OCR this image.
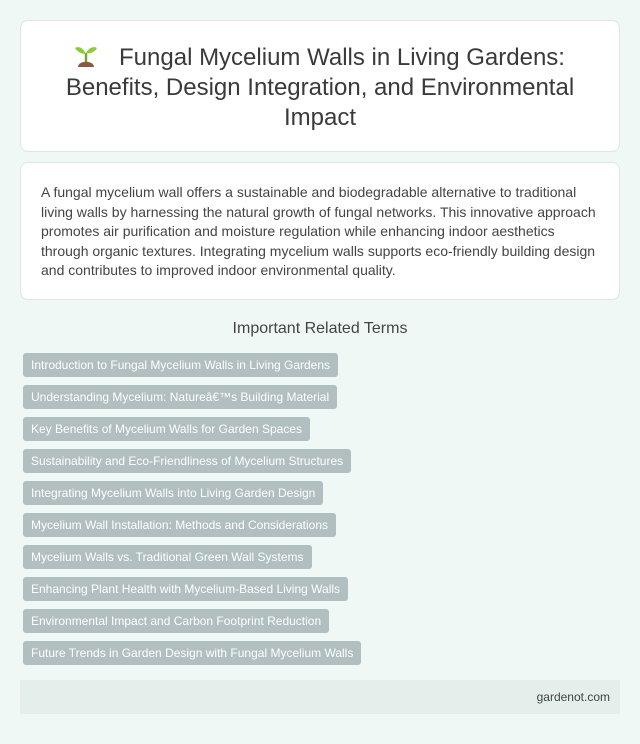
Fungal Mycelium Walls in Living Gardens: Benefits, Design Integration, and Environmental Impact

A fungal mycelium wall offers a sustainable and biodegradable alternative to traditional living walls by harnessing the natural growth of fungal networks. This innovative approach promotes air purification and moisture regulation while enhancing indoor aesthetics through organic textures. Integrating mycelium walls supports eco-friendly building design and contributes to improved indoor environmental quality.

Important Related Terms
Introduction to Fungal Mycelium Walls in Living Gardens
Understanding Mycelium: Natureâ€™s Building Material
Key Benefits of Mycelium Walls for Garden Spaces
Sustainability and Eco-Friendliness of Mycelium Structures
Integrating Mycelium Walls into Living Garden Design
Mycelium Wall Installation: Methods and Considerations
Mycelium Walls vs. Traditional Green Wall Systems
Enhancing Plant Health with Mycelium-Based Living Walls
Environmental Impact and Carbon Footprint Reduction
Future Trends in Garden Design with Fungal Mycelium Walls
gardenot.com
